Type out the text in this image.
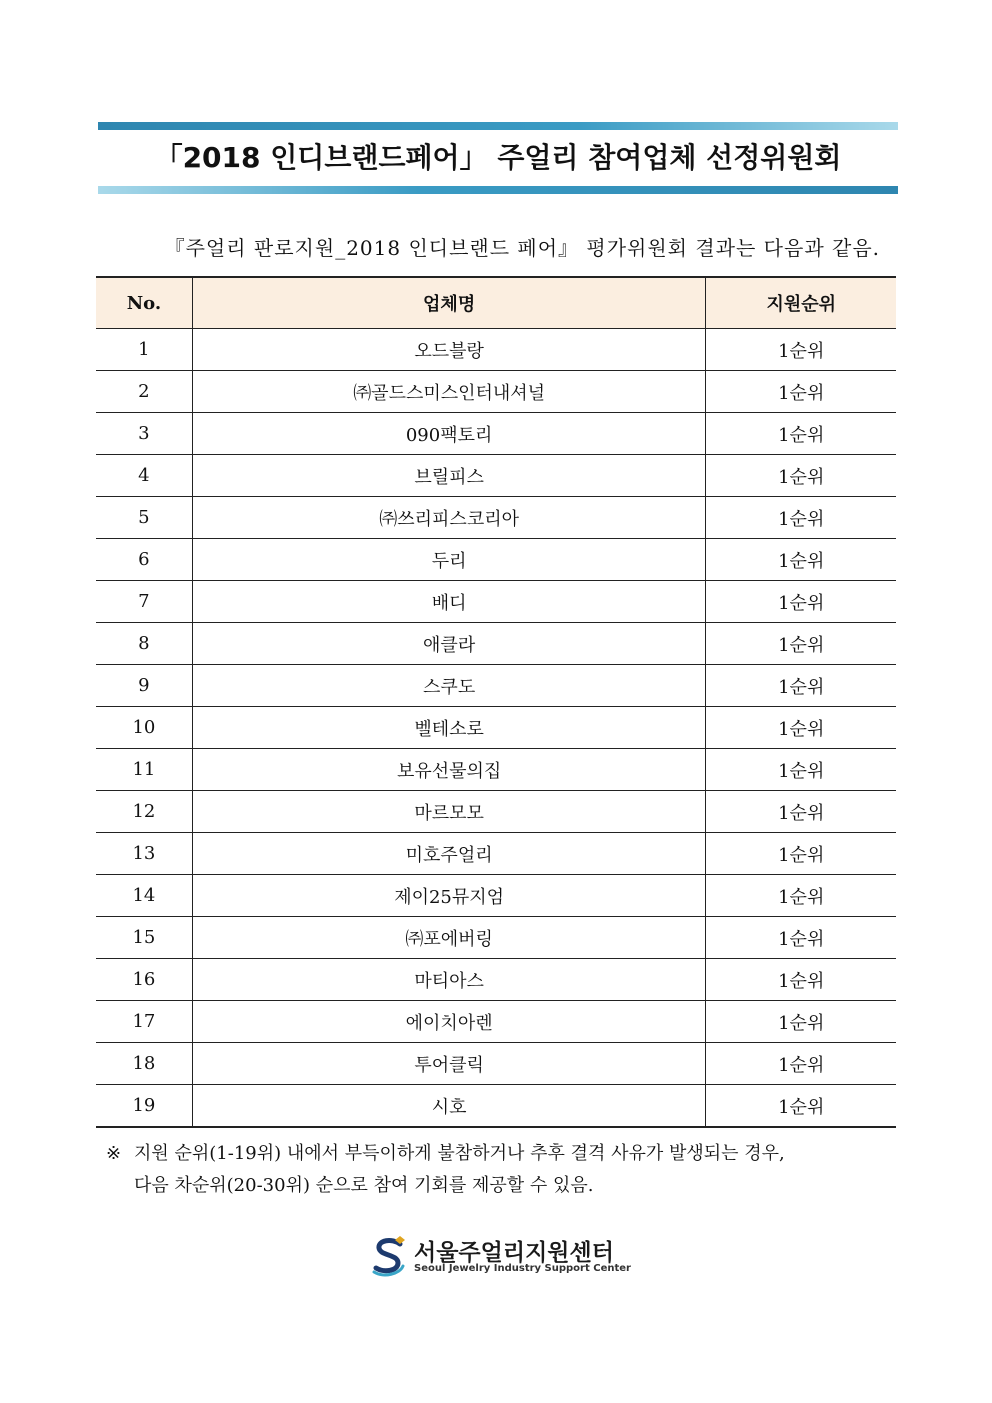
「2018 인디브랜드페어」 주얼리 참여업체 선정위원회
『주얼리 판로지원_2018 인디브랜드 페어』 평가위원회 결과는 다음과 같음.
No.	업체명	지원순위
1	오드블랑	1순위
2	㈜골드스미스인터내셔널	1순위
3	090팩토리	1순위
4	브릴피스	1순위
5	㈜쓰리피스코리아	1순위
6	두리	1순위
7	배디	1순위
8	애클라	1순위
9	스쿠도	1순위
10	벨테소로	1순위
11	보유선물의집	1순위
12	마르모모	1순위
13	미호주얼리	1순위
14	제이25뮤지엄	1순위
15	㈜포에버링	1순위
16	마티아스	1순위
17	에이치아렌	1순위
18	투어클릭	1순위
19	시호	1순위
※ 지원 순위(1-19위) 내에서 부득이하게 불참하거나 추후 결격 사유가 발생되는 경우,
다음 차순위(20-30위) 순으로 참여 기회를 제공할 수 있음.
서울주얼리지원센터
Seoul Jewelry Industry Support Center
